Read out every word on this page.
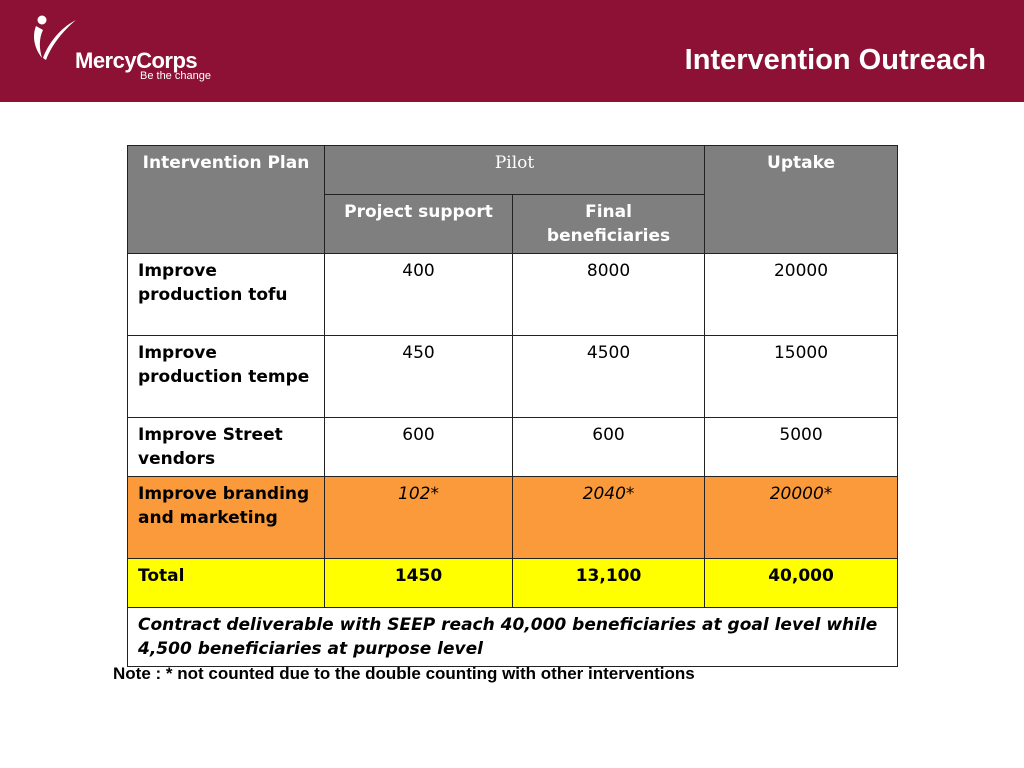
MercyCorps
Be the change	Intervention Outreach
Intervention Plan	Pilot		Uptake
	Project support	Final beneficiaries	
Improve production tofu	400	8000	20000
Improve production tempe	450	4500	15000
Improve Street vendors	600	600	5000
Improve branding and marketing	102*	2040*	20000*
Total	1450	13,100	40,000
Contract deliverable with SEEP reach 40,000 beneficiaries at goal level while 4,500 beneficiaries at purpose level			
Note : * not counted due to the double counting with other interventions
